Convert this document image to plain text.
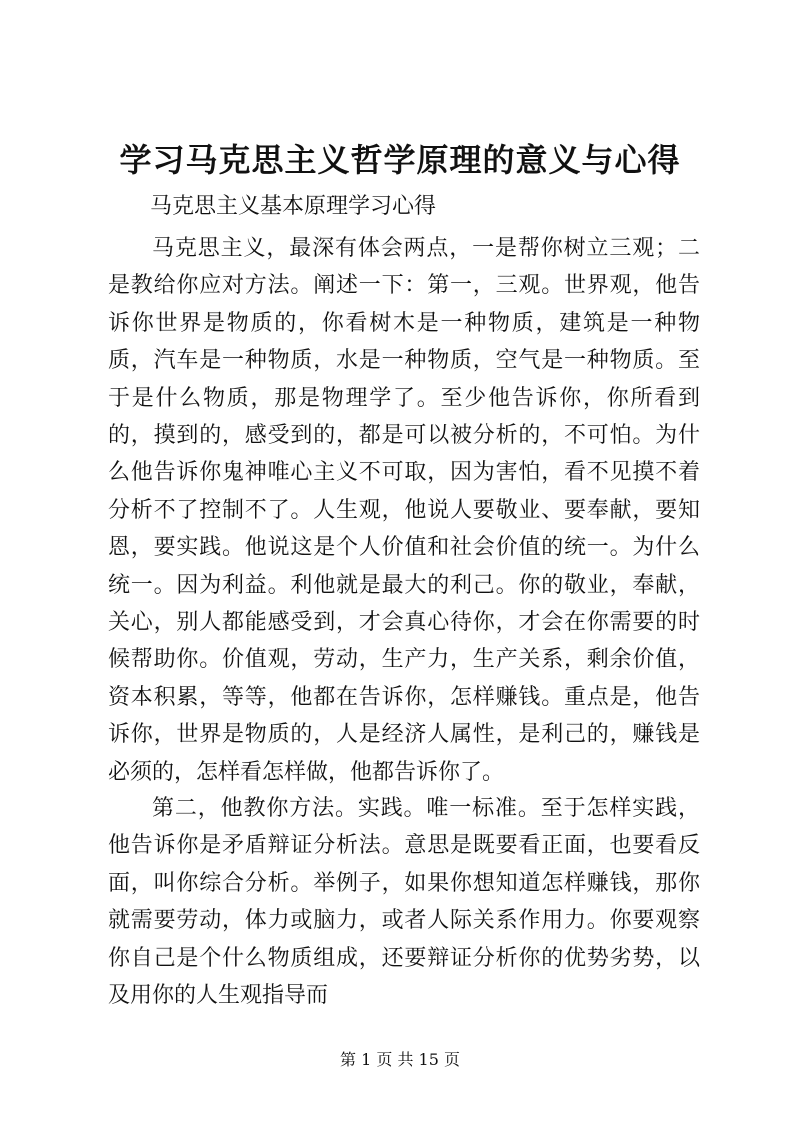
学习马克思主义哲学原理的意义与心得
马克思主义基本原理学习心得

马克思主义，最深有体会两点，一是帮你树立三观；二是教给你应对方法。阐述一下：第一，三观。世界观，他告诉你世界是物质的，你看树木是一种物质，建筑是一种物质，汽车是一种物质，水是一种物质，空气是一种物质。至于是什么物质，那是物理学了。至少他告诉你，你所看到的，摸到的，感受到的，都是可以被分析的，不可怕。为什么他告诉你鬼神唯心主义不可取，因为害怕，看不见摸不着分析不了控制不了。人生观，他说人要敬业、要奉献，要知恩，要实践。他说这是个人价值和社会价值的统一。为什么统一。因为利益。利他就是最大的利己。你的敬业，奉献，关心，别人都能感受到，才会真心待你，才会在你需要的时候帮助你。价值观，劳动，生产力，生产关系，剩余价值，资本积累，等等，他都在告诉你，怎样赚钱。重点是，他告诉你，世界是物质的，人是经济人属性，是利己的，赚钱是必须的，怎样看怎样做，他都告诉你了。

第二，他教你方法。实践。唯一标准。至于怎样实践，他告诉你是矛盾辩证分析法。意思是既要看正面，也要看反面，叫你综合分析。举例子，如果你想知道怎样赚钱，那你就需要劳动，体力或脑力，或者人际关系作用力。你要观察你自己是个什么物质组成，还要辩证分析你的优势劣势，以及用你的人生观指导而

第 1 页 共 15 页
